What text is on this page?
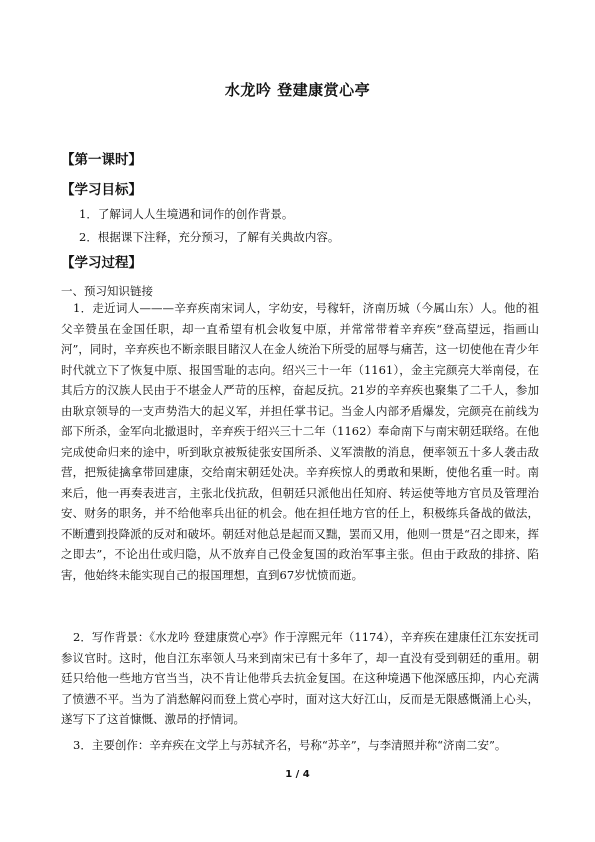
水龙吟 登建康赏心亭
【第一课时】
【学习目标】
1．了解词人人生境遇和词作的创作背景。
2．根据课下注释，充分预习，了解有关典故内容。
【学习过程】
一、预习知识链接

1．走近词人———辛弃疾南宋词人，字幼安，号稼轩，济南历城（今属山东）人。他的祖父辛赞虽在金国任职，却一直希望有机会收复中原，并常常带着辛弃疾“登高望远，指画山河”，同时，辛弃疾也不断亲眼目睹汉人在金人统治下所受的屈辱与痛苦，这一切使他在青少年时代就立下了恢复中原、报国雪耻的志向。绍兴三十一年（1161），金主完颜亮大举南侵，在其后方的汉族人民由于不堪金人严苛的压榨，奋起反抗。21岁的辛弃疾也聚集了二千人，参加由耿京领导的一支声势浩大的起义军，并担任掌书记。当金人内部矛盾爆发，完颜亮在前线为部下所杀，金军向北撤退时，辛弃疾于绍兴三十二年（1162）奉命南下与南宋朝廷联络。在他完成使命归来的途中，听到耿京被叛徒张安国所杀、义军溃散的消息，便率领五十多人袭击敌营，把叛徒擒拿带回建康，交给南宋朝廷处决。辛弃疾惊人的勇敢和果断，使他名重一时。南来后，他一再奏表进言，主张北伐抗敌，但朝廷只派他出任知府、转运使等地方官员及管理治安、财务的职务，并不给他率兵出征的机会。他在担任地方官的任上，积极练兵备战的做法，不断遭到投降派的反对和破坏。朝廷对他总是起而又黜，罢而又用，他则一贯是“召之即来，挥之即去”，不论出仕或归隐，从不放弃自己伇金复国的政治军事主张。但由于政敌的排挤、陷害，他始终未能实现自己的报国理想，直到67岁忧愤而逝。

2．写作背景：《水龙吟 登建康赏心亭》作于淳熙元年（1174），辛弃疾在建康任江东安抚司参议官时。这时，他自江东率领人马来到南宋已有十多年了，却一直没有受到朝廷的重用。朝廷只给他一些地方官当当，决不肯让他带兵去抗金复国。在这种境遇下他深感压抑，内心充满了愤懑不平。当为了消愁解闷而登上赏心亭时，面对这大好江山，反而是无限感慨涌上心头，遂写下了这首慷慨、激昂的抒情词。

3．主要创作：辛弃疾在文学上与苏轼齐名，号称“苏辛”，与李清照并称“济南二安”。

1 / 4
